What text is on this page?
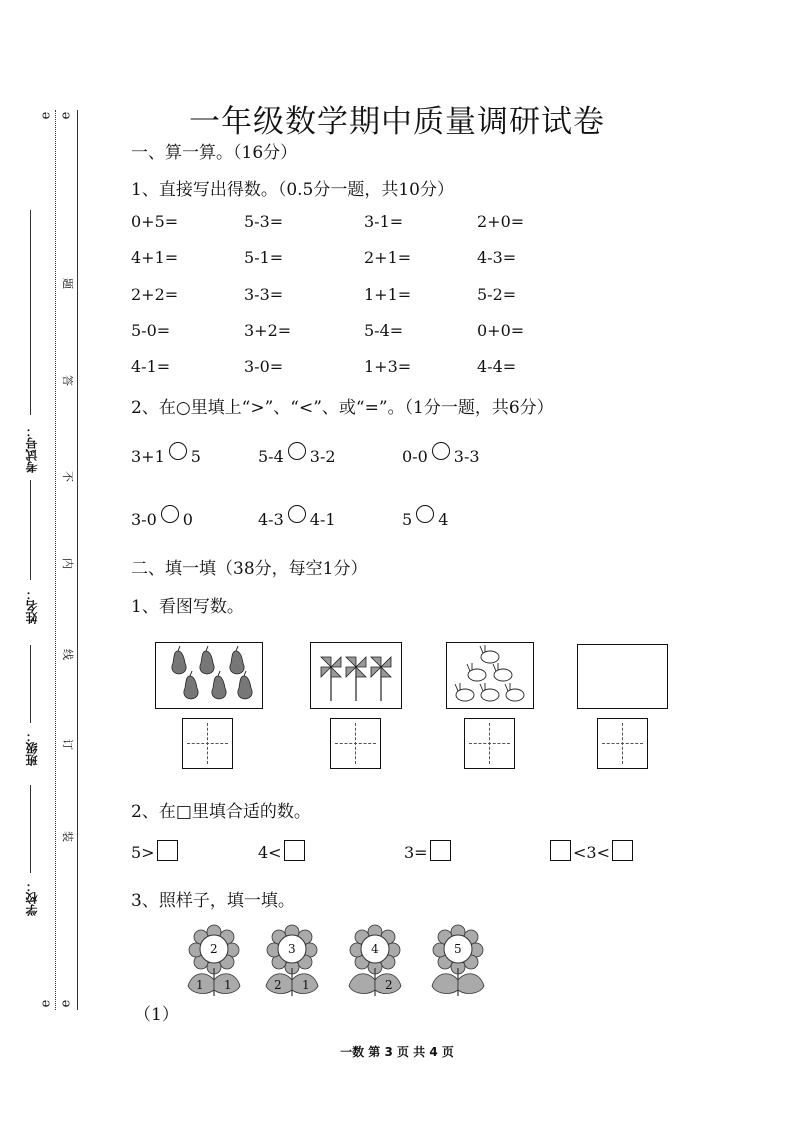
e e
e e
题
答
不
内
线
订
装
考试号：
姓名：
班级：
学校：
一年级数学期中质量调研试卷
一、算一算。（16分）
1、直接写出得数。（0.5分一题，共10分）
0+5=	5-3=	3-1=	2+0=
4+1=	5-1=	2+1=	4-3=
2+2=	3-3=	1+1=	5-2=
5-0=	3+2=	5-4=	0+0=
4-1=	3-0=	1+3=	4-4=
2、在○里填上“>”、“<”、或“=”。（1分一题，共6分）
3+1 5	5-4 3-2	0-0 3-3
3-0 0	4-3 4-1	5 4
二、填一填（38分，每空1分）
1、看图写数。
2、在□里填合适的数。
5>	4<	3=	<3<
3、照样子，填一填。
2
1 1
3
2 1
4
2
5
（1）
一数 第 3 页 共 4 页
